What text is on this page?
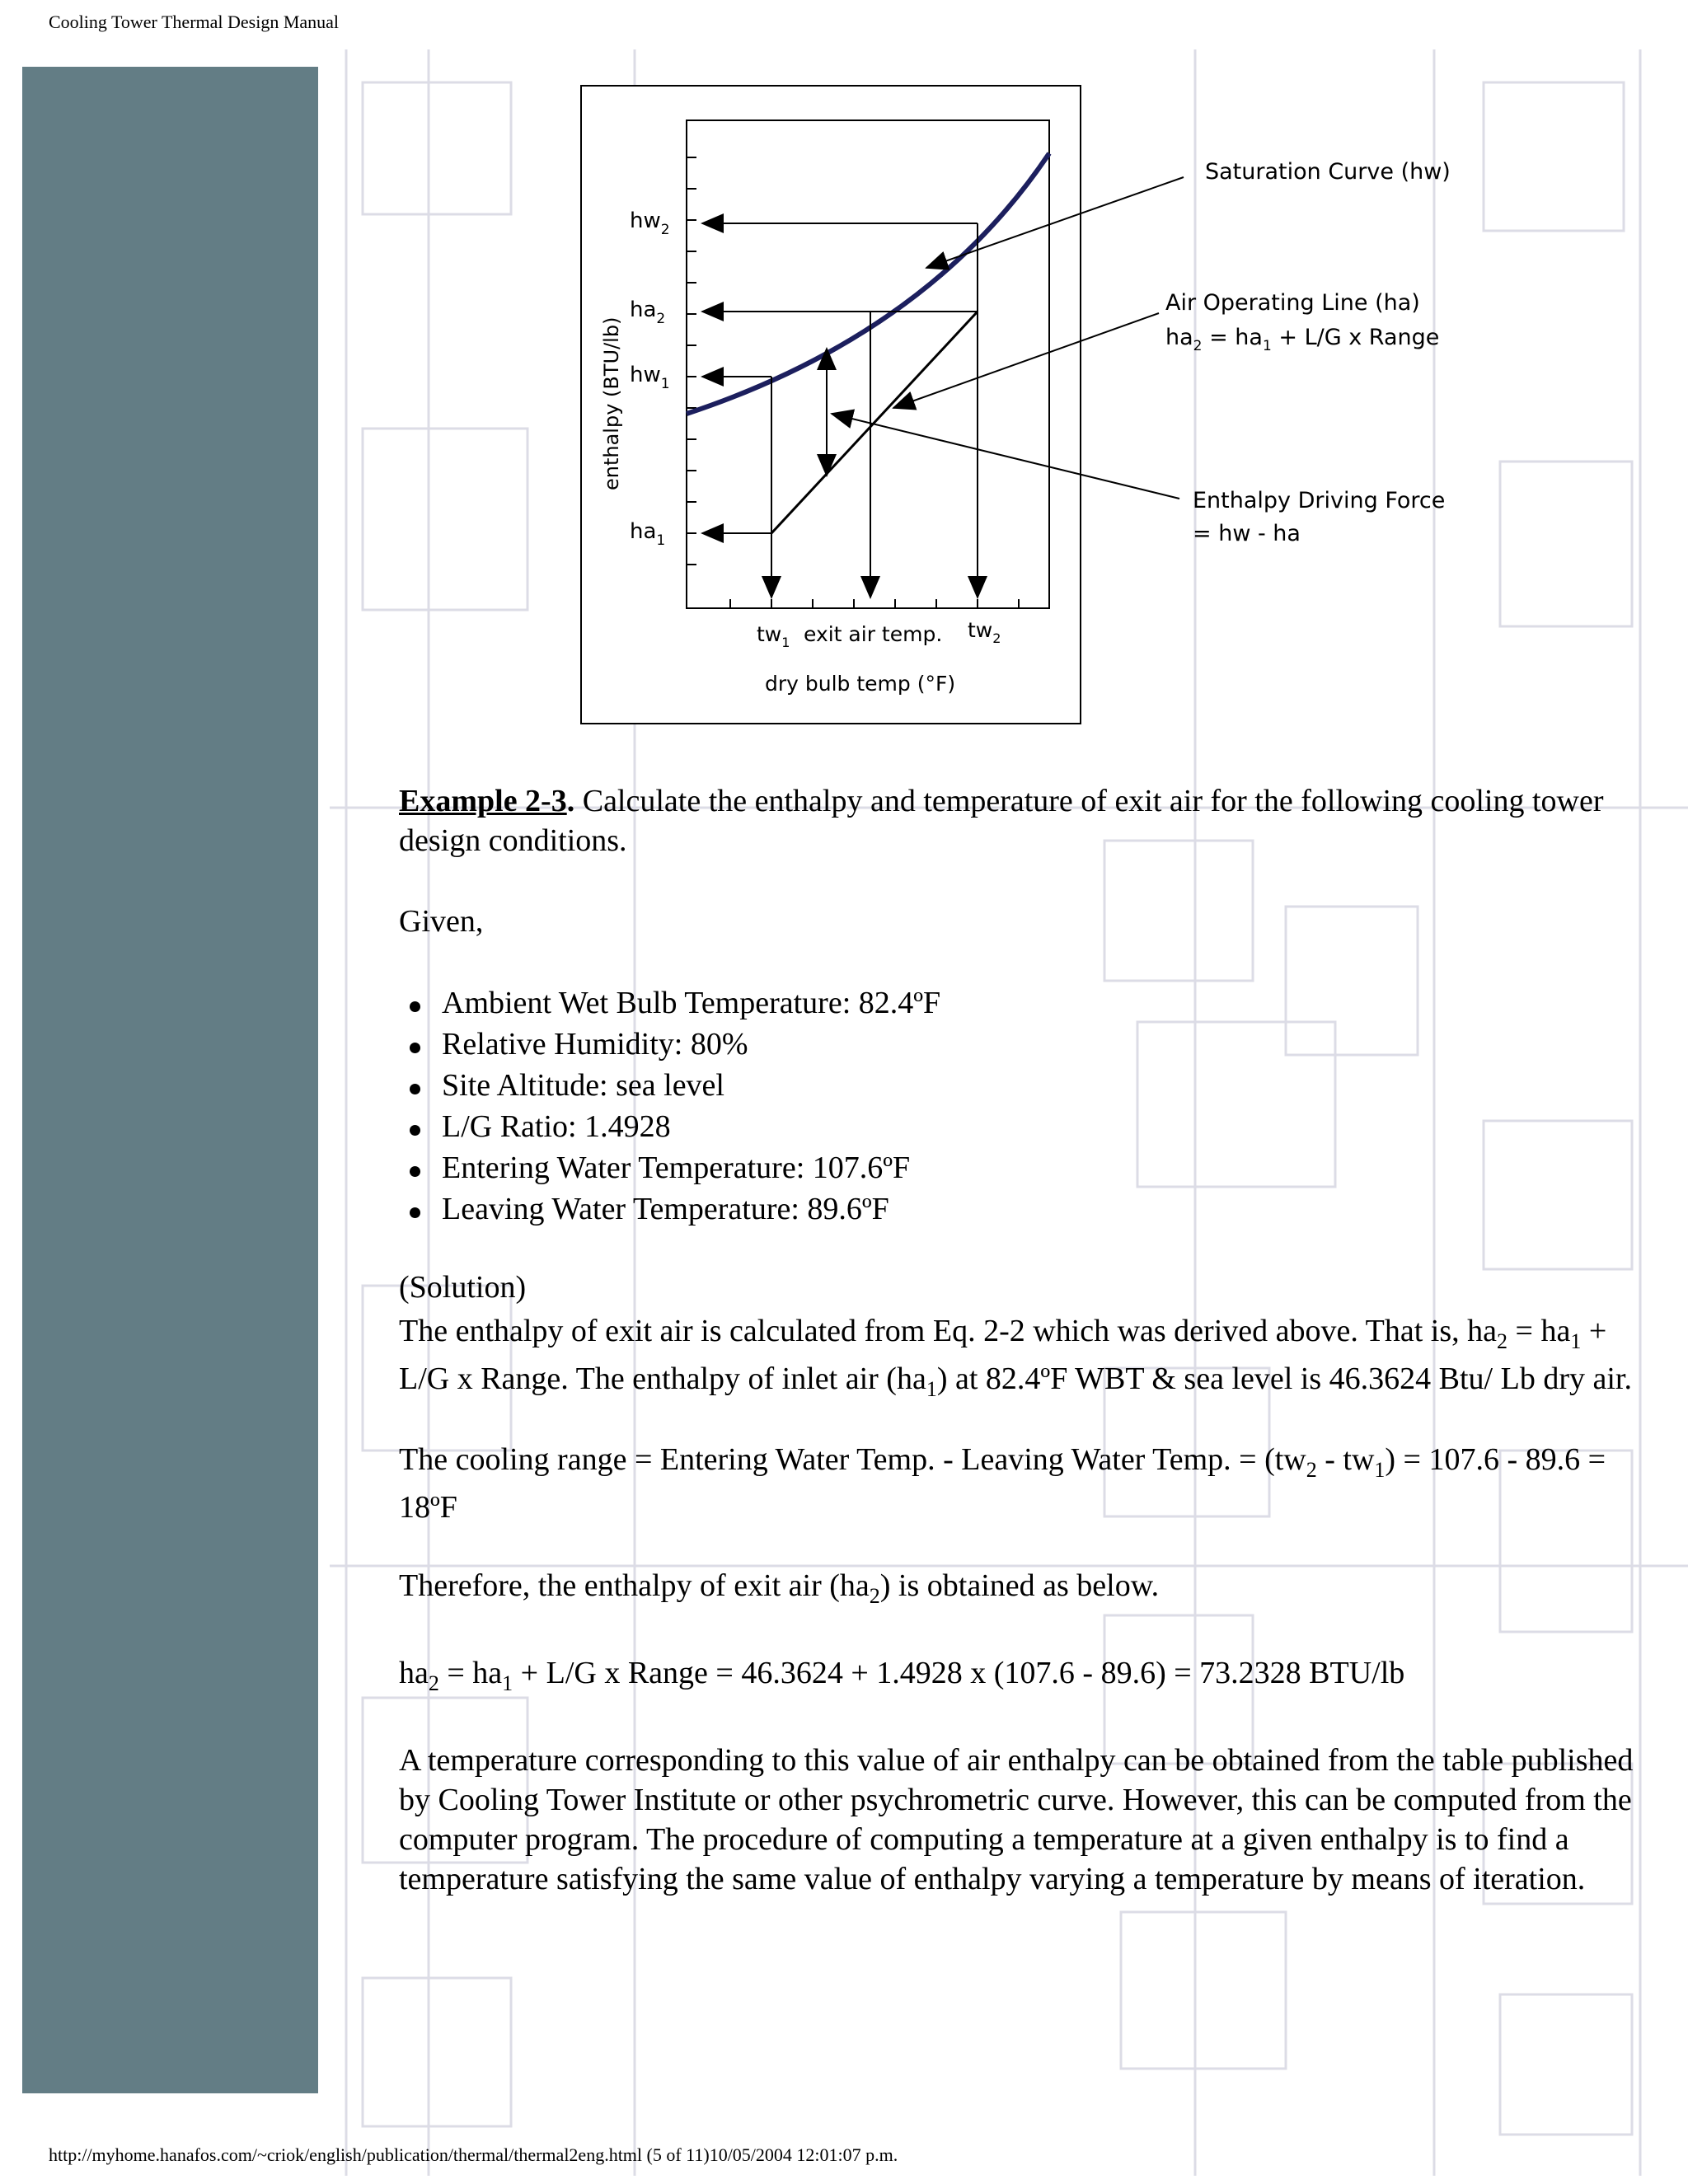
Cooling Tower Thermal Design Manual
$hw_2$
$ha_2$
$hw_1$
$ha_1$
enthalpy (BTU/lb)
$tw_1$ exit air temp. $tw_2$
dry bulb temp (°F)
Saturation Curve (hw)
Air Operating Line (ha)
$ha_2 = ha_1 + L/G$ x Range
Enthalpy Driving Force
= hw - ha

Example 2-3. Calculate the enthalpy and temperature of exit air for the following cooling tower design conditions.

Given,

Ambient Wet Bulb Temperature: 82.4ºF
Relative Humidity: 80%
Site Altitude: sea level
L/G Ratio: 1.4928
Entering Water Temperature: 107.6ºF
Leaving Water Temperature: 89.6ºF

(Solution)

The enthalpy of exit air is calculated from Eq. 2-2 which was derived above. That is, $ha_2 = ha_1 + L/G$ x Range. The enthalpy of inlet air $(ha_1)$ at 82.4ºF WBT & sea level is 46.3624 Btu/ Lb dry air.

The cooling range = Entering Water Temp. - Leaving Water Temp. = $(tw_2 - tw_1) = 107.6 - 89.6$ = 18ºF

Therefore, the enthalpy of exit air $(ha_2)$ is obtained as below.

$ha_2 = ha_1 + L/G$ x Range = 46.3624 + 1.4928 x (107.6 - 89.6) = 73.2328 BTU/lb

A temperature corresponding to this value of air enthalpy can be obtained from the table published by Cooling Tower Institute or other psychrometric curve. However, this can be computed from the computer program. The procedure of computing a temperature at a given enthalpy is to find a temperature satisfying the same value of enthalpy varying a temperature by means of iteration.

http://myhome.hanafos.com/~criok/english/publication/thermal/thermal2eng.html (5 of 11)10/05/2004 12:01:07 p.m.
